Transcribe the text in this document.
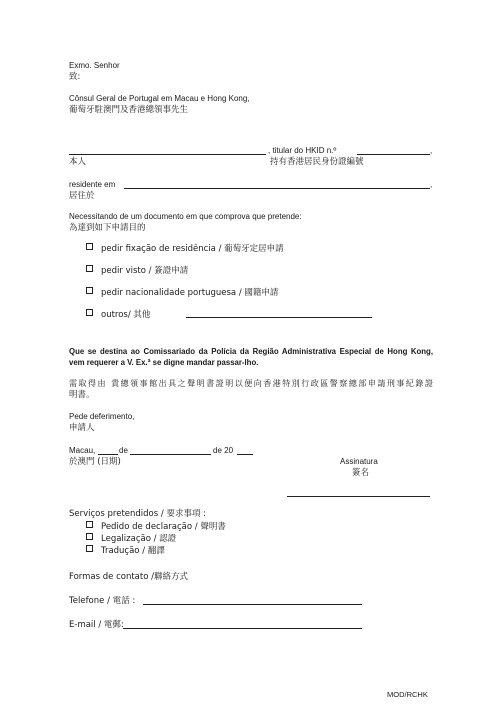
Exmo. Senhor
致:
Cônsul Geral de Portugal em Macau e Hong Kong,
葡萄牙駐澳門及香港總領事先生
, titular do HKID n.º	,
本人	持有香港居民身份證編號
residente em	,
居住於
Necessitando de um documento em que comprova que pretende:
為達到如下申請目的
pedir fixação de residência / 葡萄牙定居申請
pedir visto / 簽證申請
pedir nacionalidade portuguesa / 國籍申請
outros/ 其他
Que se destina ao Comissariado da Polícia da Região Administrativa Especial de Hong Kong,
vem requerer a V. Ex.ª se digne mandar passar-lho.
需取得由 貴總領事館出具之聲明書證明以便向香港特別行政區警察總部申請刑事紀錄證
明書。
Pede deferimento,
申請人
Macau,	de	de 20
於澳門 (日期)	Assinatura
簽名
Serviços pretendidos / 要求事項 :
Pedido de declaração / 聲明書
Legalização / 認證
Tradução / 翻譯
Formas de contato /聯絡方式
Telefone / 電話 :
E-mail / 電郵:
MOD/RCHK
